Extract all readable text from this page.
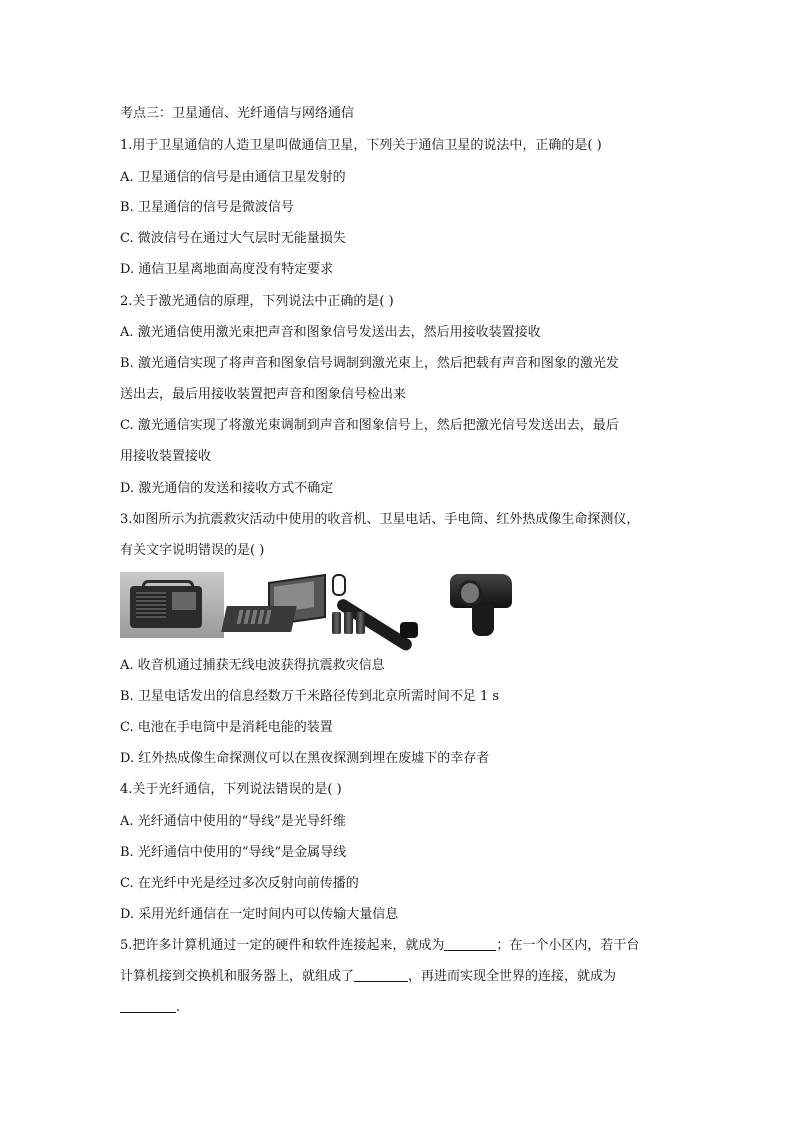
考点三：卫星通信、光纤通信与网络通信
1.用于卫星通信的人造卫星叫做通信卫星，下列关于通信卫星的说法中，正确的是( )
A. 卫星通信的信号是由通信卫星发射的
B. 卫星通信的信号是微波信号
C. 微波信号在通过大气层时无能量损失
D. 通信卫星离地面高度没有特定要求
2.关于激光通信的原理，下列说法中正确的是( )
A. 激光通信使用激光束把声音和图象信号发送出去，然后用接收装置接收
B. 激光通信实现了将声音和图象信号调制到激光束上，然后把载有声音和图象的激光发
送出去，最后用接收装置把声音和图象信号检出来
C. 激光通信实现了将激光束调制到声音和图象信号上，然后把激光信号发送出去，最后
用接收装置接收
D. 激光通信的发送和接收方式不确定
3.如图所示为抗震救灾活动中使用的收音机、卫星电话、手电筒、红外热成像生命探测仪，
有关文字说明错误的是( )
A. 收音机通过捕获无线电波获得抗震救灾信息
B. 卫星电话发出的信息经数万千米路径传到北京所需时间不足 1 s
C. 电池在手电筒中是消耗电能的装置
D. 红外热成像生命探测仪可以在黑夜探测到埋在废墟下的幸存者
4.关于光纤通信，下列说法错误的是( )
A. 光纤通信中使用的“导线”是光导纤维
B. 光纤通信中使用的“导线”是金属导线
C. 在光纤中光是经过多次反射向前传播的
D. 采用光纤通信在一定时间内可以传输大量信息
5.把许多计算机通过一定的硬件和软件连接起来，就成为	；在一个小区内，若干台
计算机接到交换机和服务器上，就组成了	，再进而实现全世界的连接，就成为
.
